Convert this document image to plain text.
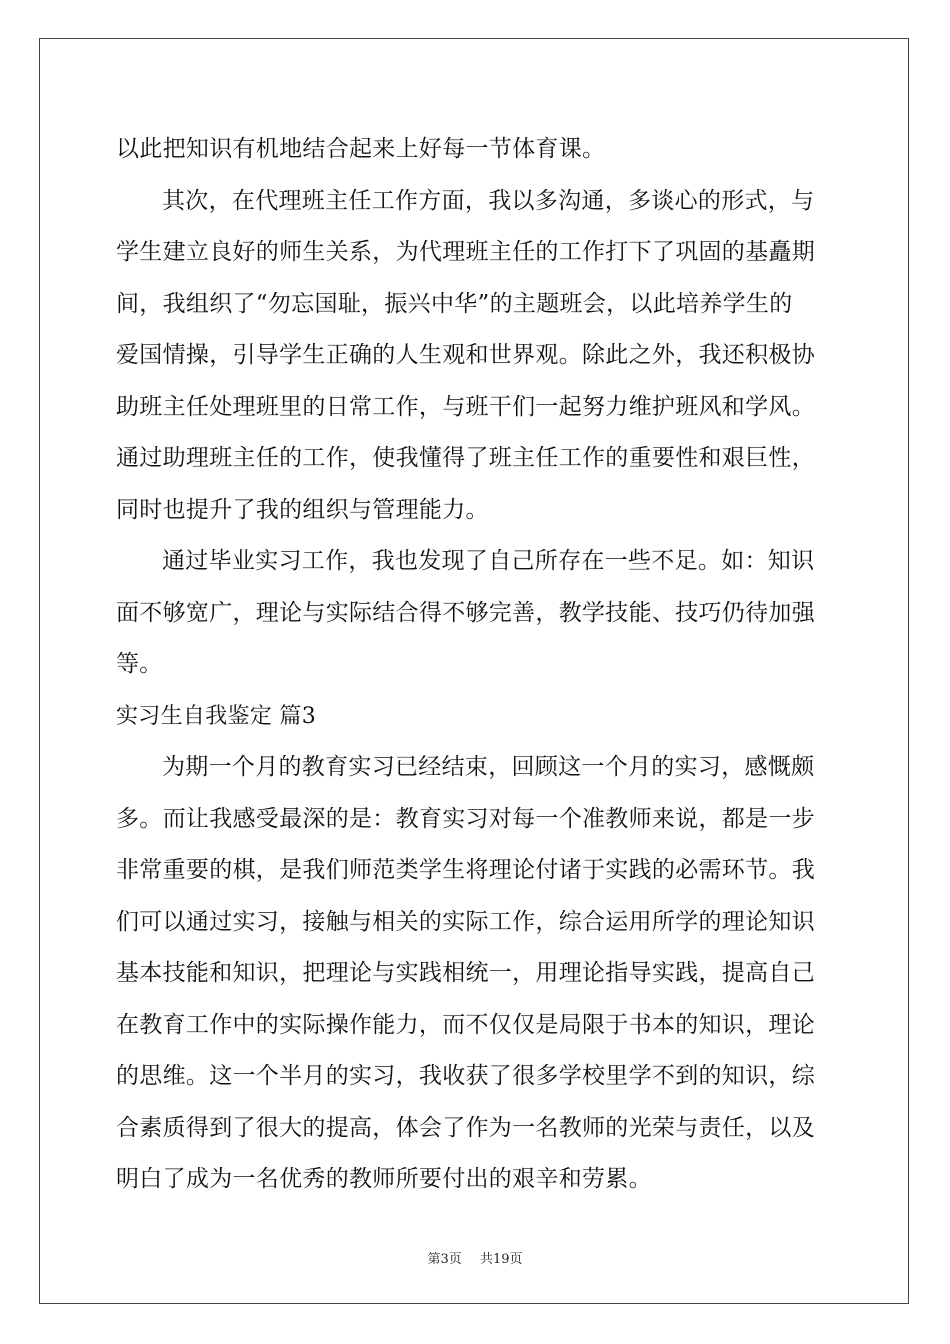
以此把知识有机地结合起来上好每一节体育课。
其次，在代理班主任工作方面，我以多沟通，多谈心的形式，与
学生建立良好的师生关系，为代理班主任的工作打下了巩固的基矗期
间，我组织了“勿忘国耻，振兴中华”的主题班会，以此培养学生的
爱国情操，引导学生正确的人生观和世界观。除此之外，我还积极协
助班主任处理班里的日常工作，与班干们一起努力维护班风和学风。
通过助理班主任的工作，使我懂得了班主任工作的重要性和艰巨性，
同时也提升了我的组织与管理能力。
通过毕业实习工作，我也发现了自己所存在一些不足。如：知识
面不够宽广，理论与实际结合得不够完善，教学技能、技巧仍待加强
等。
实习生自我鉴定 篇3
为期一个月的教育实习已经结束，回顾这一个月的实习，感慨颇
多。而让我感受最深的是：教育实习对每一个准教师来说，都是一步
非常重要的棋，是我们师范类学生将理论付诸于实践的必需环节。我
们可以通过实习，接触与相关的实际工作，综合运用所学的理论知识
基本技能和知识，把理论与实践相统一，用理论指导实践，提高自己
在教育工作中的实际操作能力，而不仅仅是局限于书本的知识，理论
的思维。这一个半月的实习，我收获了很多学校里学不到的知识，综
合素质得到了很大的提高，体会了作为一名教师的光荣与责任，以及
明白了成为一名优秀的教师所要付出的艰辛和劳累。
第3页 共19页
